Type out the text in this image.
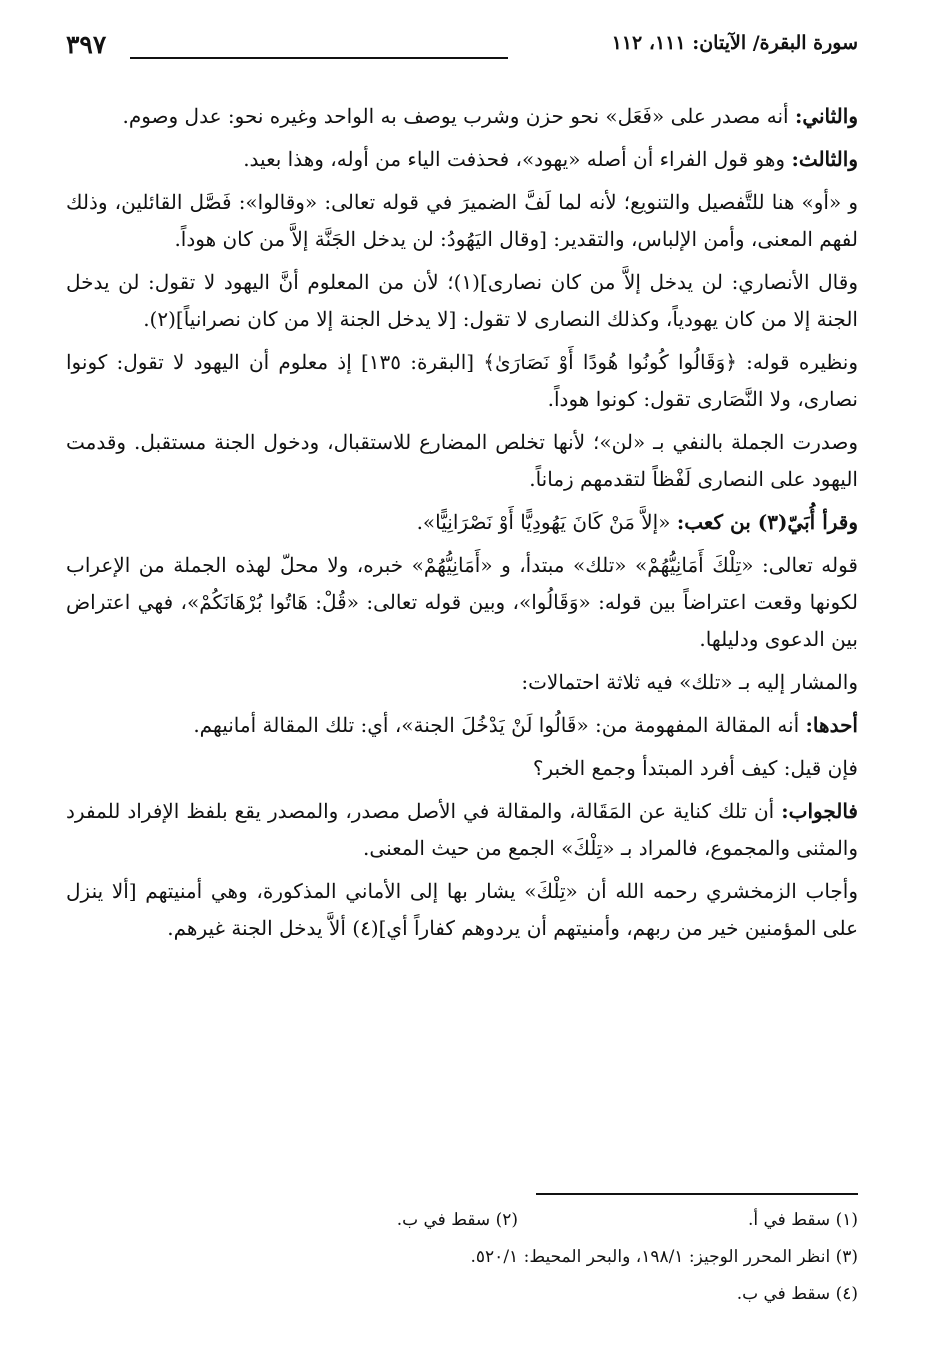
سورة البقرة/ الآيتان: ١١١، ١١٢
٣٩٧

والثاني: أنه مصدر على «فَعَل» نحو حزن وشرب يوصف به الواحد وغيره نحو: عدل وصوم.

والثالث: وهو قول الفراء أن أصله «يهود»، فحذفت الياء من أوله، وهذا بعيد.

و «أو» هنا للتَّفصيل والتنويع؛ لأنه لما لَفَّ الضميرَ في قوله تعالى: «وقالوا»: فَصَّل القائلين، وذلك لفهم المعنى، وأمن الإلباس، والتقدير: [وقال اليَهُودُ: لن يدخل الجَنَّة إلاَّ من كان هوداً.

وقال الأنصاري: لن يدخل إلاَّ من كان نصارى](١)؛ لأن من المعلوم أنَّ اليهود لا تقول: لن يدخل الجنة إلا من كان يهودياً، وكذلك النصارى لا تقول: [لا يدخل الجنة إلا من كان نصرانياً](٢).

ونظيره قوله: ﴿وَقَالُوا كُونُوا هُودًا أَوْ نَصَارَىٰ﴾ [البقرة: ١٣٥] إذ معلوم أن اليهود لا تقول: كونوا نصارى، ولا النَّصَارى تقول: كونوا هوداً.

وصدرت الجملة بالنفي بـ «لن»؛ لأنها تخلص المضارع للاستقبال، ودخول الجنة مستقبل. وقدمت اليهود على النصارى لَفْظاً لتقدمهم زماناً.

وقرأ أُبَيّ(٣) بن كعب: «إلاَّ مَنْ كَانَ يَهُودِيًّا أَوْ نَصْرَانِيًّا».

قوله تعالى: «تِلْكَ أَمَانِيُّهُمْ» «تلك» مبتدأ، و «أَمَانِيُّهُمْ» خبره، ولا محلّ لهذه الجملة من الإعراب لكونها وقعت اعتراضاً بين قوله: «وَقَالُوا»، وبين قوله تعالى: «قُلْ: هَاتُوا بُرْهَانَكُمْ»، فهي اعتراض بين الدعوى ودليلها.

والمشار إليه بـ «تلك» فيه ثلاثة احتمالات:

أحدها: أنه المقالة المفهومة من: «قَالُوا لَنْ يَدْخُلَ الجنة»، أي: تلك المقالة أمانيهم.

فإن قيل: كيف أفرد المبتدأ وجمع الخبر؟

فالجواب: أن تلك كناية عن المَقَالة، والمقالة في الأصل مصدر، والمصدر يقع بلفظ الإفراد للمفرد والمثنى والمجموع، فالمراد بـ «تِلْكَ» الجمع من حيث المعنى.

وأجاب الزمخشري رحمه الله أن «تِلْكَ» يشار بها إلى الأماني المذكورة، وهي أمنيتهم [ألا ينزل على المؤمنين خير من ربهم، وأمنيتهم أن يردوهم كفاراً أي](٤) ألاَّ يدخل الجنة غيرهم.

(١) سقط في أ.
(٢) سقط في ب.
(٣) انظر المحرر الوجيز: ١٩٨/١، والبحر المحيط: ٥٢٠/١.
(٤) سقط في ب.
